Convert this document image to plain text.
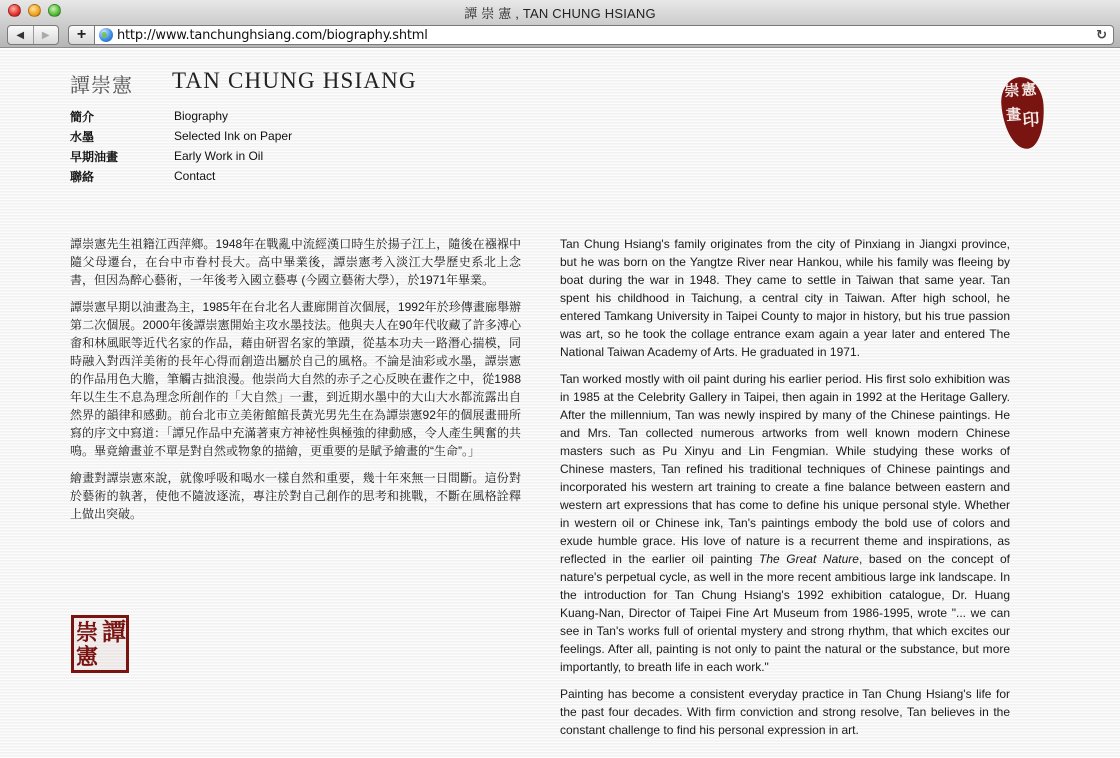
譚 崇 憲 , TAN CHUNG HSIANG
◀ ▶	+	http://www.tanchunghsiang.com/biography.shtml	↻
譚崇憲 TAN CHUNG HSIANG
簡介	Biography
水墨	Selected Ink on Paper
早期油畫	Early Work in Oil
聯絡	Contact
崇 憲
畫 印

譚崇憲先生祖籍江西萍鄉。1948年在戰亂中流經漢口時生於揚子江上，隨後在襁褓中隨父母遷台，在台中市眷村長大。高中畢業後，譚崇憲考入淡江大學歷史系北上念書，但因為醉心藝術，一年後考入國立藝專 (今國立藝術大學），於1971年畢業。

譚崇憲早期以油畫為主，1985年在台北名人畫廊開首次個展，1992年於珍傳畫廊舉辦第二次個展。2000年後譚崇憲開始主攻水墨技法。他與夫人在90年代收藏了許多溥心畬和林風眠等近代名家的作品，藉由研習名家的筆蹟，從基本功夫一路潛心揣模，同時融入對西洋美術的長年心得而創造出屬於自己的風格。不論是油彩或水墨，譚崇憲的作品用色大膽，筆觸古拙浪漫。他崇尚大自然的赤子之心反映在畫作之中，從1988年以生生不息為理念所創作的「大自然」一畫，到近期水墨中的大山大水都流露出自然界的韻律和感動。前台北市立美術館館長黃光男先生在為譚崇憲92年的個展畫冊所寫的序文中寫道：「譚兄作品中充滿著東方神祕性與極強的律動感，令人產生興奮的共鳴。畢竟繪畫並不單是對自然或物象的描繪，更重要的是賦予繪畫的“生命”。」

繪畫對譚崇憲來說，就像呼吸和喝水一樣自然和重要，幾十年來無一日間斷。這份對於藝術的執著，使他不隨波逐流，專注於對自己創作的思考和挑戰，不斷在風格詮釋上做出突破。

譚
崇
憲

Tan Chung Hsiang's family originates from the city of Pinxiang in Jiangxi province, but he was born on the Yangtze River near Hankou, while his family was fleeing by boat during the war in 1948. They came to settle in Taiwan that same year. Tan spent his childhood in Taichung, a central city in Taiwan. After high school, he entered Tamkang University in Taipei County to major in history, but his true passion was art, so he took the collage entrance exam again a year later and entered The National Taiwan Academy of Arts. He graduated in 1971.

Tan worked mostly with oil paint during his earlier period. His first solo exhibition was in 1985 at the Celebrity Gallery in Taipei, then again in 1992 at the Heritage Gallery. After the millennium, Tan was newly inspired by many of the Chinese paintings. He and Mrs. Tan collected numerous artworks from well known modern Chinese masters such as Pu Xinyu and Lin Fengmian. While studying these works of Chinese masters, Tan refined his traditional techniques of Chinese paintings and incorporated his western art training to create a fine balance between eastern and western art expressions that has come to define his unique personal style. Whether in western oil or Chinese ink, Tan's paintings embody the bold use of colors and exude humble grace. His love of nature is a recurrent theme and inspirations, as reflected in the earlier oil painting The Great Nature, based on the concept of nature's perpetual cycle, as well in the more recent ambitious large ink landscape. In the introduction for Tan Chung Hsiang's 1992 exhibition catalogue, Dr. Huang Kuang-Nan, Director of Taipei Fine Art Museum from 1986-1995, wrote "... we can see in Tan's works full of oriental mystery and strong rhythm, that which excites our feelings. After all, painting is not only to paint the natural or the substance, but more importantly, to breath life in each work."

Painting has become a consistent everyday practice in Tan Chung Hsiang's life for the past four decades. With firm conviction and strong resolve, Tan believes in the constant challenge to find his personal expression in art.
